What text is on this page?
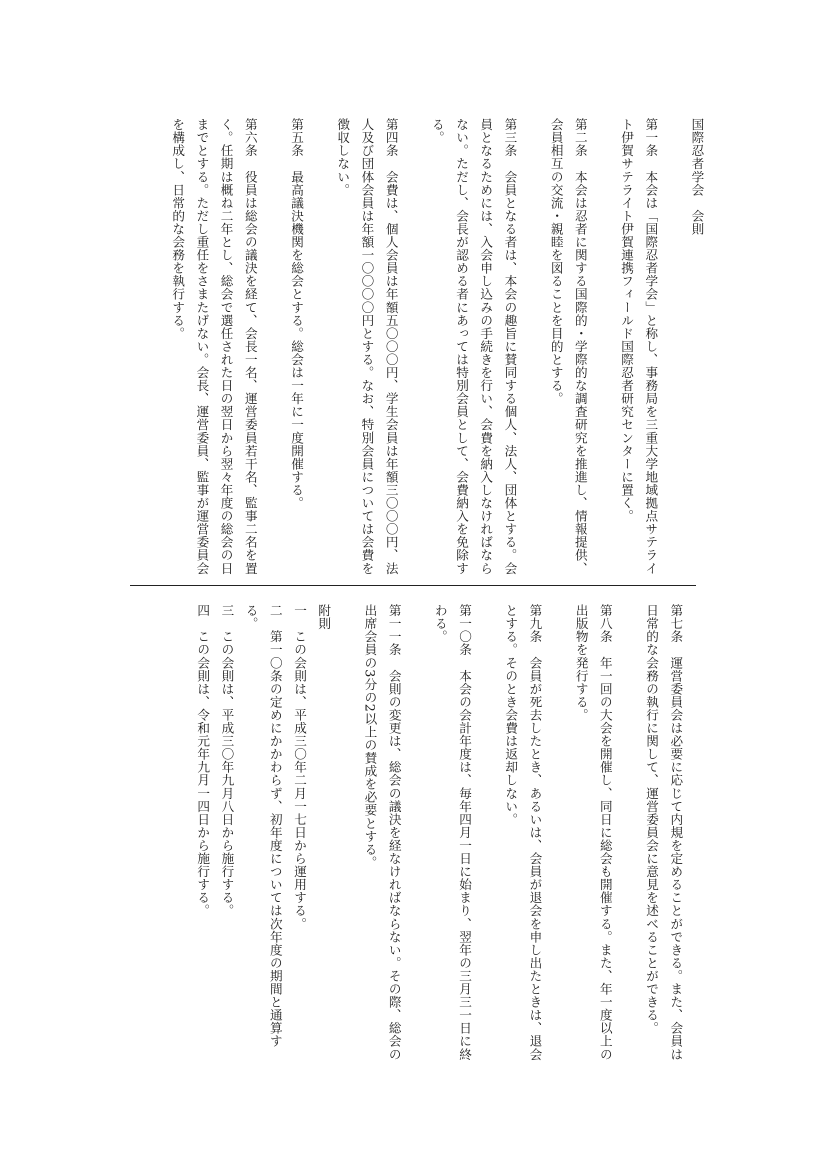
国際忍者学会　会則
第一条　本会は「国際忍者学会」と称し、事務局を三重大学地域拠点サテライト伊賀サテライト伊賀連携フィールド国際忍者研究センターに置く。
第二条　本会は忍者に関する国際的・学際的な調査研究を推進し、情報提供、会員相互の交流・親睦を図ることを目的とする。
第三条　会員となる者は、本会の趣旨に賛同する個人、法人、団体とする。会員となるためには、入会申し込みの手続きを行い、会費を納入しなければならない。ただし、会長が認める者にあっては特別会員として、会費納入を免除する。
第四条　会費は、個人会員は年額五〇〇〇円、学生会員は年額三〇〇〇円、法人及び団体会員は年額一〇〇〇〇円とする。なお、特別会員については会費を徴収しない。
第五条　最高議決機関を総会とする。総会は一年に一度開催する。
第六条　役員は総会の議決を経て、会長一名、運営委員若干名、監事二名を置く。任期は概ね二年とし、総会で選任された日の翌日から翌々年度の総会の日までとする。ただし重任をさまたげない。会長、運営委員、監事が運営委員会を構成し、日常的な会務を執行する。
第七条　運営委員会は必要に応じて内規を定めることができる。また、会員は日常的な会務の執行に関して、運営委員会に意見を述べることができる。
第八条　年一回の大会を開催し、同日に総会も開催する。また、年一度以上の出版物を発行する。
第九条　会員が死去したとき、あるいは、会員が退会を申し出たときは、退会とする。そのとき会費は返却しない。
第一〇条　本会の会計年度は、毎年四月一日に始まり、翌年の三月三一日に終わる。
第一一条　会則の変更は、総会の議決を経なければならない。その際、総会の出席会員の3分の2以上の賛成を必要とする。
附則
一　この会則は、平成三〇年二月一七日から運用する。
二　第一〇条の定めにかかわらず、初年度については次年度の期間と通算する。
三　この会則は、平成三〇年九月八日から施行する。
四　この会則は、令和元年九月一四日から施行する。
